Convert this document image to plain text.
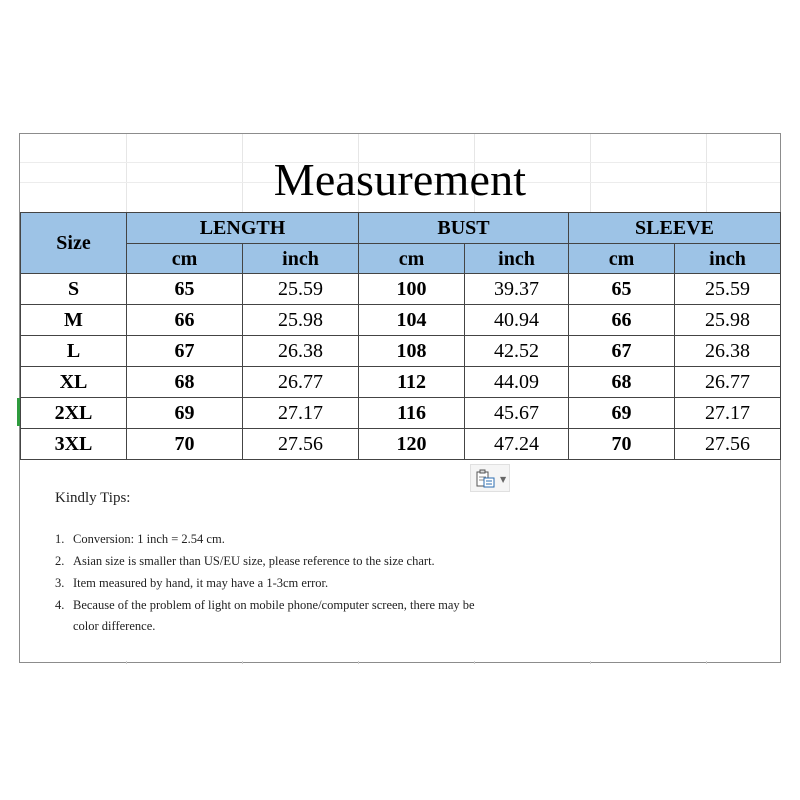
Measurement
Size	LENGTH		BUST		SLEEVE	
	cm	inch	cm	inch	cm	inch
S	65	25.59	100	39.37	65	25.59
M	66	25.98	104	40.94	66	25.98
L	67	26.38	108	42.52	67	26.38
XL	68	26.77	112	44.09	68	26.77
2XL	69	27.17	116	45.67	69	27.17
3XL	70	27.56	120	47.24	70	27.56
▼
Kindly Tips:
1. Conversion: 1 inch = 2.54 cm.
2. Asian size is smaller than US/EU size, please reference to the size chart.
3. Item measured by hand, it may have a 1-3cm error.
4. Because of the problem of light on mobile phone/computer screen, there may be
color difference.
